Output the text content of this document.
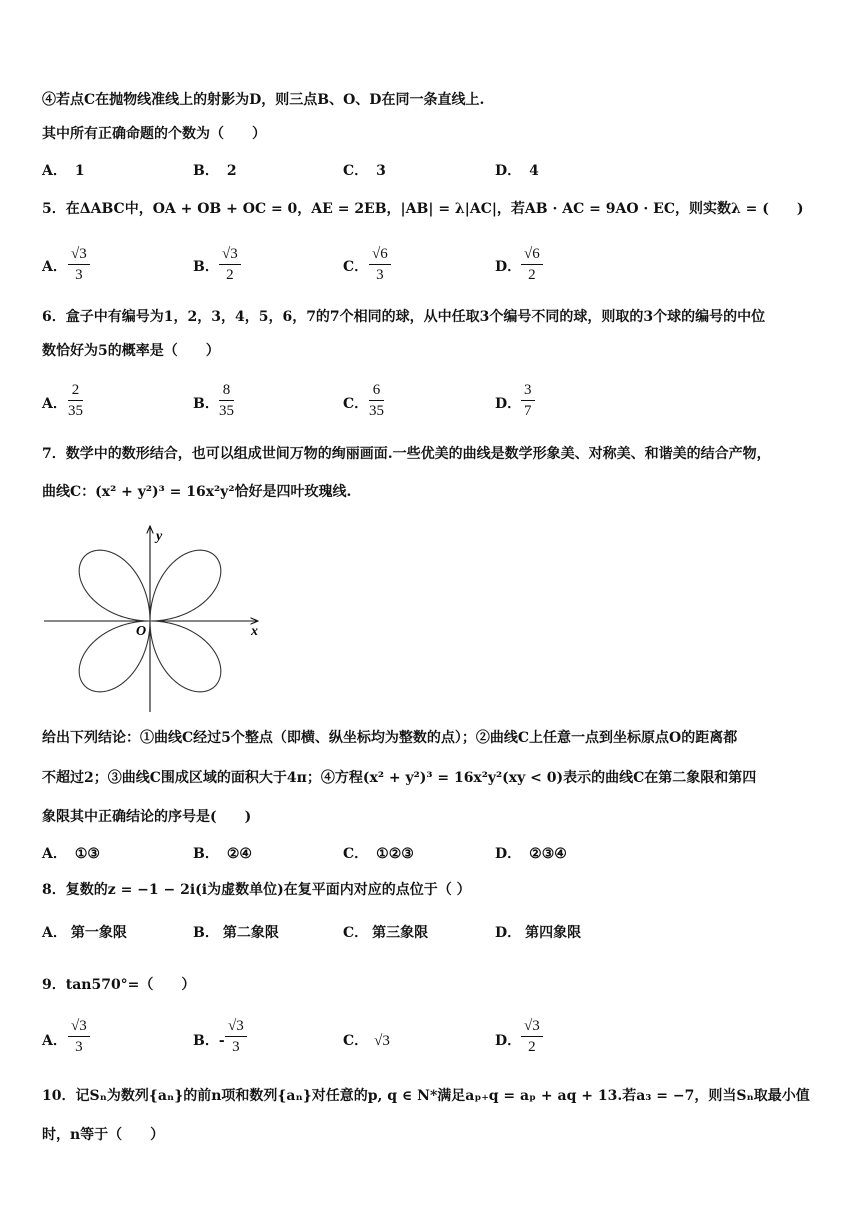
④若点C在抛物线准线上的射影为D，则三点B、O、D在同一条直线上.
其中所有正确命题的个数为（　　）
A． 1	B． 2	C． 3	D． 4
5．在ΔABC中，OA + OB + OC = 0，AE = 2EB，|AB| = λ|AC|，若AB · AC = 9AO · EC，则实数λ = (　　)
A． $\frac{√3}{3}$	B． $\frac{√3}{2}$	C． $\frac{√6}{3}$	D． $\frac{√6}{2}$
6．盒子中有编号为1，2，3，4，5，6，7的7个相同的球，从中任取3个编号不同的球，则取的3个球的编号的中位
数恰好为5的概率是（　　）
A． $\frac{2}{35}$	B． $\frac{8}{35}$	C． $\frac{6}{35}$	D． $\frac{3}{7}$
7．数学中的数形结合，也可以组成世间万物的绚丽画面.一些优美的曲线是数学形象美、对称美、和谐美的结合产物，
曲线C：(x² + y²)³ = 16x²y²恰好是四叶玫瑰线.
y
x
O
给出下列结论：①曲线C经过5个整点（即横、纵坐标均为整数的点）；②曲线C上任意一点到坐标原点O的距离都
不超过2；③曲线C围成区域的面积大于4π；④方程(x² + y²)³ = 16x²y²(xy < 0)表示的曲线C在第二象限和第四
象限其中正确结论的序号是(　　)
A． ①③	B． ②④	C． ①②③	D． ②③④
8．复数的z = −1 − 2i(i为虚数单位)在复平面内对应的点位于（ ）
A． 第一象限	B． 第二象限	C． 第三象限	D． 第四象限
9．tan570°=（　　）
A． $\frac{√3}{3}$	B．- $\frac{√3}{3}$	C． √3	D． $\frac{√3}{2}$
10．记Sₙ为数列{aₙ}的前n项和数列{aₙ}对任意的p, q ∈ N*满足aₚ₊q = aₚ + aq + 13.若a₃ = −7，则当Sₙ取最小值
时，n等于（　　）
